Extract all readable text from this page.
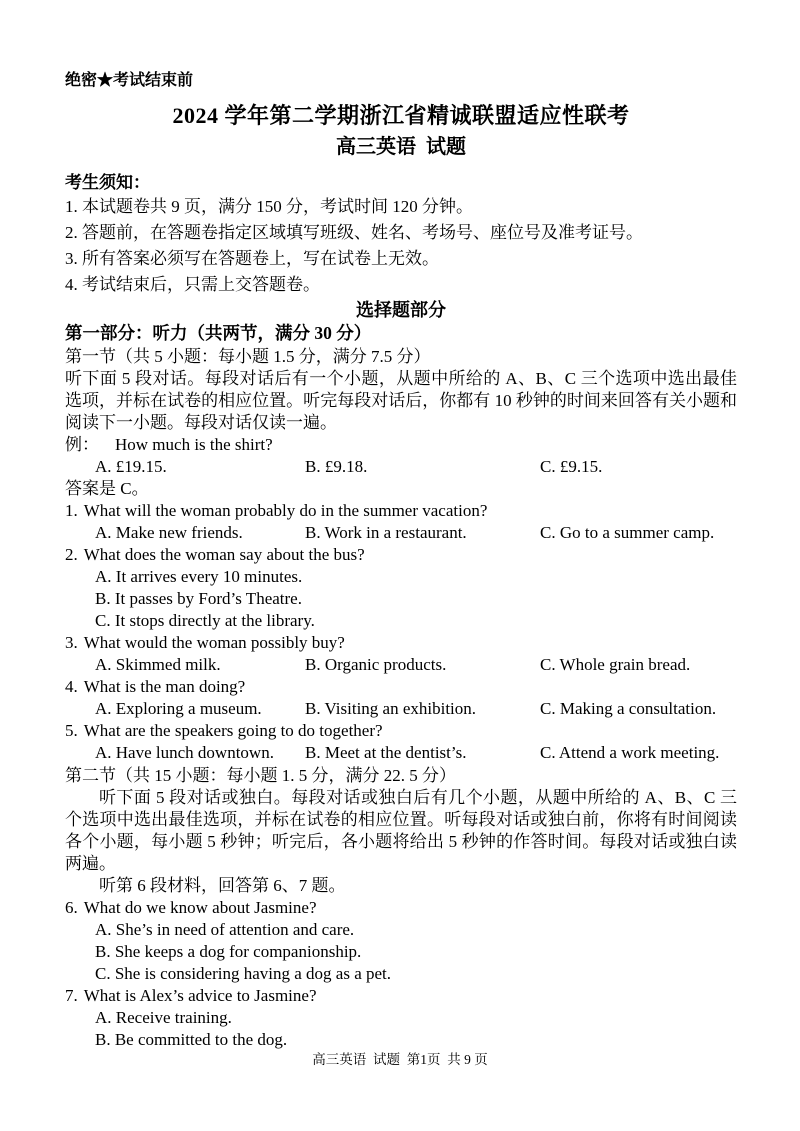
绝密★考试结束前
2024 学年第二学期浙江省精诚联盟适应性联考
高三英语  试题
考生须知：
1. 本试题卷共 9 页，满分 150 分，考试时间 120 分钟。
2. 答题前，在答题卷指定区域填写班级、姓名、考场号、座位号及准考证号。
3. 所有答案必须写在答题卷上，写在试卷上无效。
4. 考试结束后，只需上交答题卷。
选择题部分
第一部分：听力（共两节，满分 30 分）
第一节（共 5 小题：每小题 1.5 分，满分 7.5 分）
听下面 5 段对话。每段对话后有一个小题，从题中所给的 A、B、C 三个选项中选出最佳选项，并标在试卷的相应位置。听完每段对话后，你都有 10 秒钟的时间来回答有关小题和阅读下一小题。每段对话仅读一遍。
例： How much is the shirt?
A. £19.15.	B. £9.18.	C. £9.15.
答案是 C。
1. What will the woman probably do in the summer vacation?
A. Make new friends.	B. Work in a restaurant.	C. Go to a summer camp.
2. What does the woman say about the bus?
A. It arrives every 10 minutes.
B. It passes by Ford’s Theatre.
C. It stops directly at the library.
3. What would the woman possibly buy?
A. Skimmed milk.	B. Organic products.	C. Whole grain bread.
4. What is the man doing?
A. Exploring a museum.	B. Visiting an exhibition.	C. Making a consultation.
5. What are the speakers going to do together?
A. Have lunch downtown. B. Meet at the dentist’s.	C. Attend a work meeting.
第二节（共 15 小题：每小题 1. 5 分，满分 22. 5 分）
听下面 5 段对话或独白。每段对话或独白后有几个小题，从题中所给的 A、B、C 三个选项中选出最佳选项，并标在试卷的相应位置。听每段对话或独白前，你将有时间阅读各个小题，每小题 5 秒钟；听完后，各小题将给出 5 秒钟的作答时间。每段对话或独白读两遍。
听第 6 段材料，回答第 6、7 题。
6. What do we know about Jasmine?
A. She’s in need of attention and care.
B. She keeps a dog for companionship.
C. She is considering having a dog as a pet.
7. What is Alex’s advice to Jasmine?
A. Receive training.
B. Be committed to the dog.
高三英语  试题  第1页  共 9 页
